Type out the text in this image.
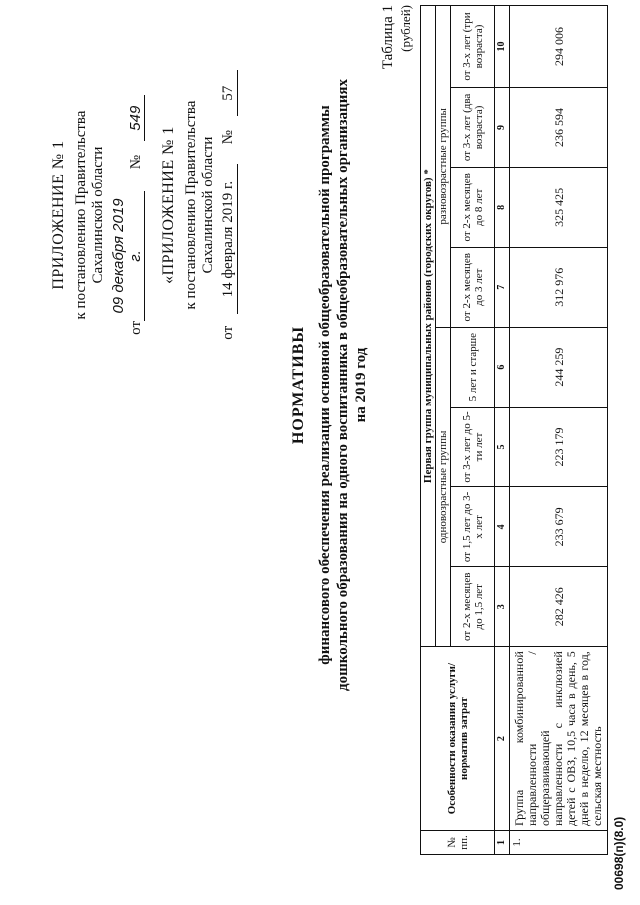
ПРИЛОЖЕНИЕ № 1 к постановлению Правительства Сахалинской области
от09 декабря 2019 г. № 549
«ПРИЛОЖЕНИЕ № 1 к постановлению Правительства Сахалинской области
от 14 февраля 2019 г. № 57
НОРМАТИВЫ финансового обеспечения реализации основной общеобразовательной программы дошкольного образования на одного воспитанника в общеобразовательных организациях на 2019 год
Таблица 1 (рублей)
№ пп.	Особенности оказания услуги/норматив затрат	Первая группа муниципальных районов (городских округов) *							
		одновозрастные группы				разновозрастные группы			
		от 2-х месяцев до 1,5 лет	от 1,5 лет до 3-х лет	от 3-х лет до 5-ти лет	5 лет и старше	от 2-х месяцев до 3 лет	от 2-х месяцев до 8 лет	от 3-х лет (два возраста)	от 3-х лет (три возраста)
1	2	3	4	5	6	7	8	9	10
1.	Группа комбинированной направленности / общеразвивающей направленности с инклюзией детей с ОВЗ, 10,5 часа в день, 5 дней в неделю, 12 месяцев в год, сельская местность	282 426	233 679	223 179	244 259	312 976	325 425	236 594	294 006
00698(п)(8.0)
